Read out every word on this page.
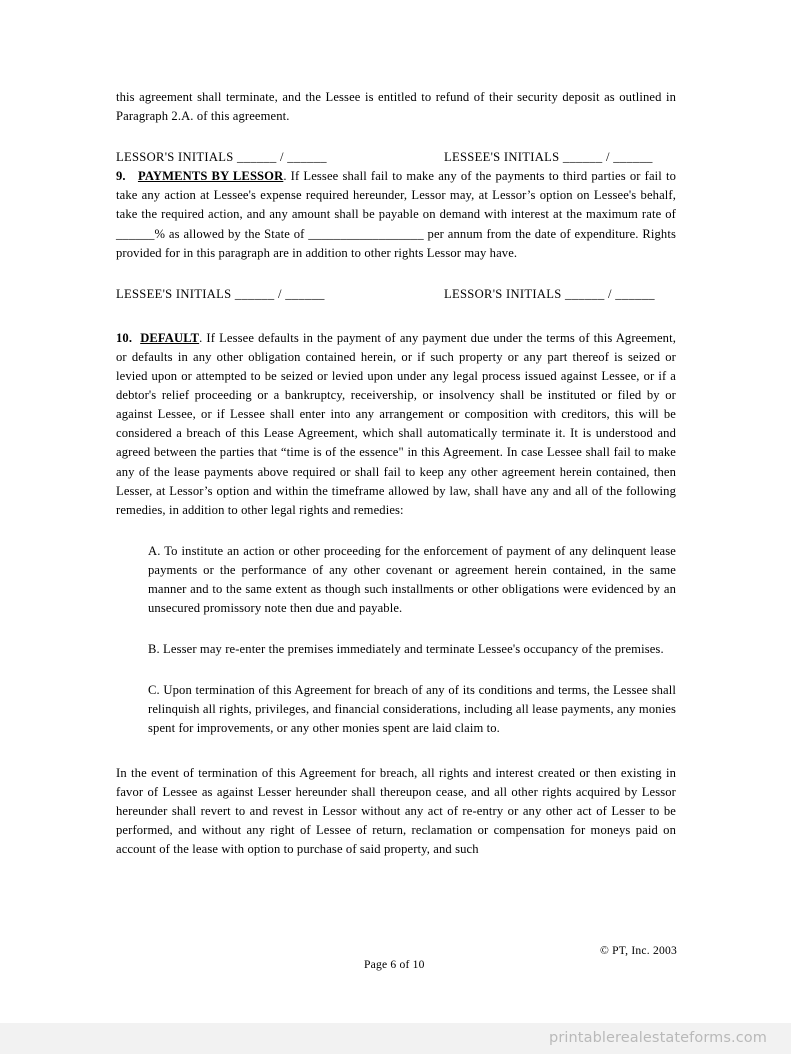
this agreement shall terminate, and the Lessee is entitled to refund of their security deposit as outlined in Paragraph 2.A. of this agreement.

LESSOR'S INITIALS ______ / ______	LESSEE'S INITIALS ______ / ______

9. PAYMENTS BY LESSOR. If Lessee shall fail to make any of the payments to third parties or fail to take any action at Lessee's expense required hereunder, Lessor may, at Lessor’s option on Lessee's behalf, take the required action, and any amount shall be payable on demand with interest at the maximum rate of ______% as allowed by the State of __________________ per annum from the date of expenditure. Rights provided for in this paragraph are in addition to other rights Lessor may have.

LESSEE'S INITIALS ______ / ______	LESSOR'S INITIALS ______ / ______

10. DEFAULT. If Lessee defaults in the payment of any payment due under the terms of this Agreement, or defaults in any other obligation contained herein, or if such property or any part thereof is seized or levied upon or attempted to be seized or levied upon under any legal process issued against Lessee, or if a debtor's relief proceeding or a bankruptcy, receivership, or insolvency shall be instituted or filed by or against Lessee, or if Lessee shall enter into any arrangement or composition with creditors, this will be considered a breach of this Lease Agreement, which shall automatically terminate it. It is understood and agreed between the parties that “time is of the essence" in this Agreement. In case Lessee shall fail to make any of the lease payments above required or shall fail to keep any other agreement herein contained, then Lesser, at Lessor’s option and within the timeframe allowed by law, shall have any and all of the following remedies, in addition to other legal rights and remedies:

A. To institute an action or other proceeding for the enforcement of payment of any delinquent lease payments or the performance of any other covenant or agreement herein contained, in the same manner and to the same extent as though such installments or other obligations were evidenced by an unsecured promissory note then due and payable.

B. Lesser may re-enter the premises immediately and terminate Lessee's occupancy of the premises.

C. Upon termination of this Agreement for breach of any of its conditions and terms, the Lessee shall relinquish all rights, privileges, and financial considerations, including all lease payments, any monies spent for improvements, or any other monies spent are laid claim to.

In the event of termination of this Agreement for breach, all rights and interest created or then existing in favor of Lessee as against Lesser hereunder shall thereupon cease, and all other rights acquired by Lessor hereunder shall revert to and revest in Lessor without any act of re-entry or any other act of Lesser to be performed, and without any right of Lessee of return, reclamation or compensation for moneys paid on account of the lease with option to purchase of said property, and such

© PT, Inc. 2003
Page 6 of 10
printablerealestateforms.com
